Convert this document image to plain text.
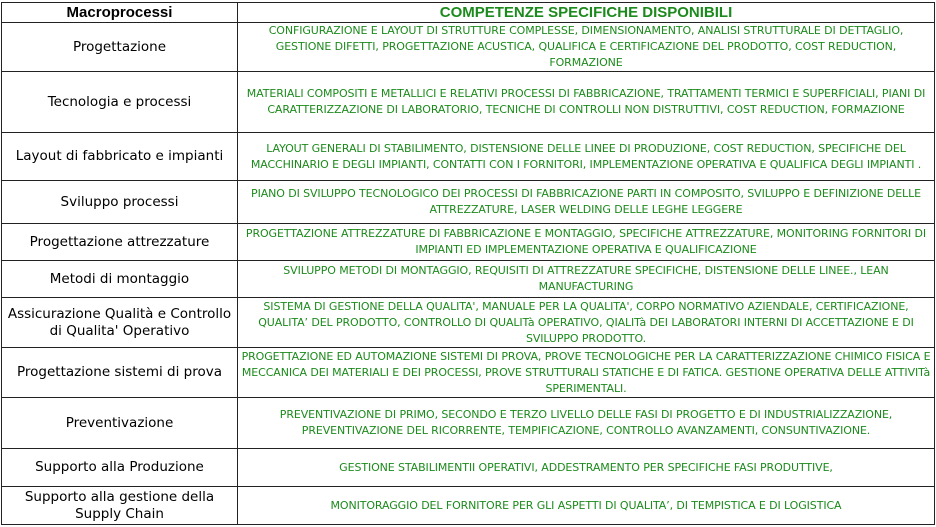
Macroprocessi	COMPETENZE SPECIFICHE DISPONIBILI
Progettazione	CONFIGURAZIONE E LAYOUT DI STRUTTURE COMPLESSE, DIMENSIONAMENTO, ANALISI STRUTTURALE DI DETTAGLIO, GESTIONE DIFETTI, PROGETTAZIONE ACUSTICA, QUALIFICA E CERTIFICAZIONE DEL PRODOTTO, COST REDUCTION, FORMAZIONE
Tecnologia e processi	MATERIALI COMPOSITI E METALLICI E RELATIVI PROCESSI DI FABBRICAZIONE, TRATTAMENTI TERMICI E SUPERFICIALI, PIANI DI CARATTERIZZAZIONE DI LABORATORIO, TECNICHE DI CONTROLLI NON DISTRUTTIVI, COST REDUCTION, FORMAZIONE
Layout di fabbricato e impianti	LAYOUT GENERALI DI STABILIMENTO, DISTENSIONE DELLE LINEE DI PRODUZIONE, COST REDUCTION, SPECIFICHE DEL MACCHINARIO E DEGLI IMPIANTI, CONTATTI CON I FORNITORI, IMPLEMENTAZIONE OPERATIVA E QUALIFICA DEGLI IMPIANTI .
Sviluppo processi	PIANO DI SVILUPPO TECNOLOGICO DEI PROCESSI DI FABBRICAZIONE PARTI IN COMPOSITO, SVILUPPO E DEFINIZIONE DELLE ATTREZZATURE, LASER WELDING DELLE LEGHE LEGGERE
Progettazione attrezzature	PROGETTAZIONE ATTREZZATURE DI FABBRICAZIONE E MONTAGGIO, SPECIFICHE ATTREZZATURE, MONITORING FORNITORI DI IMPIANTI ED IMPLEMENTAZIONE OPERATIVA E QUALIFICAZIONE
Metodi di montaggio	SVILUPPO METODI DI MONTAGGIO, REQUISITI DI ATTREZZATURE SPECIFICHE, DISTENSIONE DELLE LINEE., LEAN MANUFACTURING
Assicurazione Qualità e Controllo di Qualita' Operativo	SISTEMA DI GESTIONE DELLA QUALITA', MANUALE PER LA QUALITA', CORPO NORMATIVO AZIENDALE, CERTIFICAZIONE, QUALITA’ DEL PRODOTTO, CONTROLLO DI QUALITà OPERATIVO, QIALITà DEI LABORATORI INTERNI DI ACCETTAZIONE E DI SVILUPPO PRODOTTO.
Progettazione sistemi di prova	PROGETTAZIONE ED AUTOMAZIONE SISTEMI DI PROVA, PROVE TECNOLOGICHE PER LA CARATTERIZZAZIONE CHIMICO FISICA E MECCANICA DEI MATERIALI E DEI PROCESSI, PROVE STRUTTURALI STATICHE E DI FATICA. GESTIONE OPERATIVA DELLE ATTIVITà SPERIMENTALI.
Preventivazione	PREVENTIVAZIONE DI PRIMO, SECONDO E TERZO LIVELLO DELLE FASI DI PROGETTO E DI INDUSTRIALIZZAZIONE, PREVENTIVAZIONE DEL RICORRENTE, TEMPIFICAZIONE, CONTROLLO AVANZAMENTI, CONSUNTIVAZIONE.
Supporto alla Produzione	GESTIONE STABILIMENTII OPERATIVI, ADDESTRAMENTO PER SPECIFICHE FASI PRODUTTIVE,
Supporto alla gestione della Supply Chain	MONITORAGGIO DEL FORNITORE PER GLI ASPETTI DI QUALITA’, DI TEMPISTICA E DI LOGISTICA
